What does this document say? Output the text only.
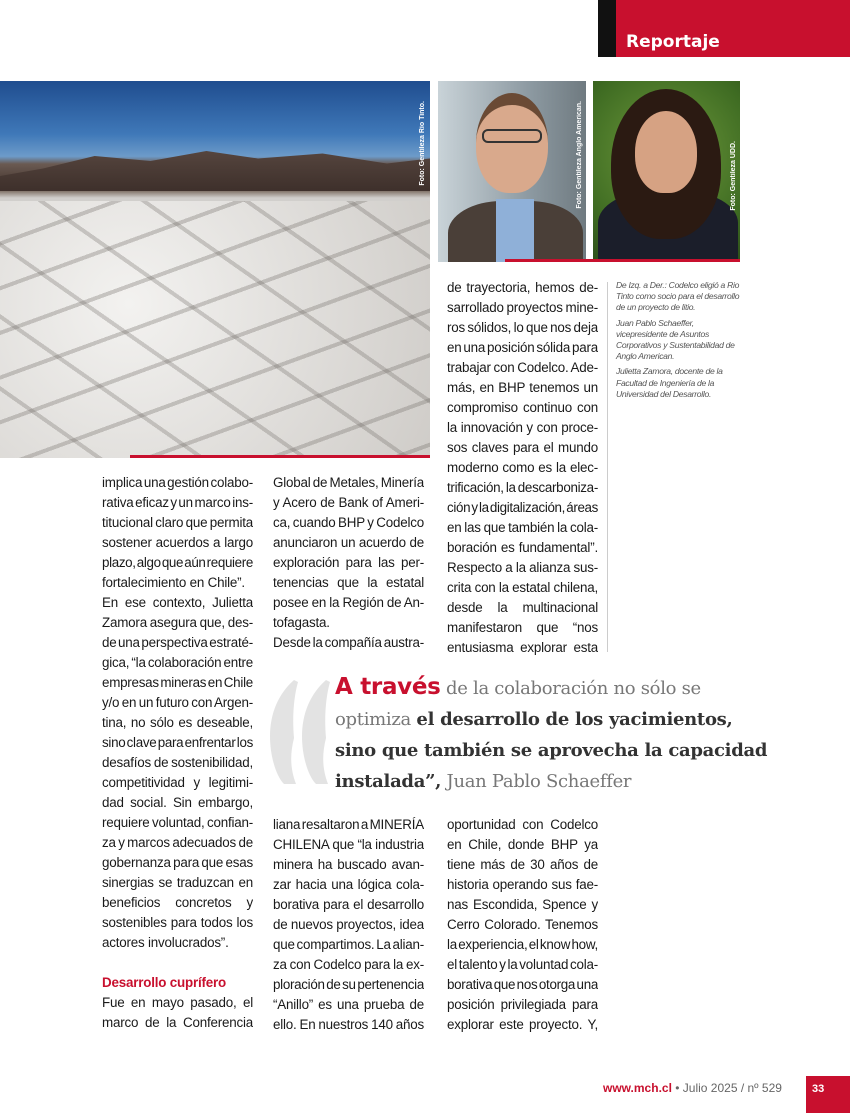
Reportaje
Foto: Gentileza Rio Tinto.	Foto: Gentileza Anglo American.	Foto: Gentileza UDD.

De Izq. a Der.: Codelco eligió a Rio Tinto como socio para el desarrollo de un proyecto de litio.

Juan Pablo Schaeffer, vicepresidente de Asuntos Corporativos y Sustentabilidad de Anglo American.

Julietta Zamora, docente de la Facultad de Ingeniería de la Universidad del Desarrollo.

implica una gestión colabo-
rativa eficaz y un marco ins-
titucional claro que permita
sostener acuerdos a largo
plazo, algo que aún requiere
fortalecimiento en Chile”.
En ese contexto, Julietta
Zamora asegura que, des-
de una perspectiva estraté-
gica, “la colaboración entre
empresas mineras en Chile
y/o en un futuro con Argen-
tina, no sólo es deseable,
sino clave para enfrentar los
desafíos de sostenibilidad,
competitividad y legitimi-
dad social. Sin embargo,
requiere voluntad, confian-
za y marcos adecuados de
gobernanza para que esas
sinergias se traduzcan en
beneficios concretos y
sostenibles para todos los
actores involucrados”.
Desarrollo cuprífero
Fue en mayo pasado, el
marco de la Conferencia
Global de Metales, Minería
y Acero de Bank of Ameri-
ca, cuando BHP y Codelco
anunciaron un acuerdo de
exploración para las per-
tenencias que la estatal
posee en la Región de An-
tofagasta.
Desde la compañía austra-
liana resaltaron a MINERÍA
CHILENA que “la industria
minera ha buscado avan-
zar hacia una lógica cola-
borativa para el desarrollo
de nuevos proyectos, idea
que compartimos. La alian-
za con Codelco para la ex-
ploración de su pertenencia
“Anillo” es una prueba de
ello. En nuestros 140 años
de trayectoria, hemos de-
sarrollado proyectos mine-
ros sólidos, lo que nos deja
en una posición sólida para
trabajar con Codelco. Ade-
más, en BHP tenemos un
compromiso continuo con
la innovación y con proce-
sos claves para el mundo
moderno como es la elec-
trificación, la descarboniza-
ción y la digitalización, áreas
en las que también la cola-
boración es fundamental”.
Respecto a la alianza sus-
crita con la estatal chilena,
desde la multinacional
manifestaron que “nos
entusiasma explorar esta
oportunidad con Codelco
en Chile, donde BHP ya
tiene más de 30 años de
historia operando sus fae-
nas Escondida, Spence y
Cerro Colorado. Tenemos
la experiencia, el know how,
el talento y la voluntad cola-
borativa que nos otorga una
posición privilegiada para
explorar este proyecto. Y,
A través de la colaboración no sólo se
optimiza el desarrollo de los yacimientos,
sino que también se aprovecha la capacidad
instalada”, Juan Pablo Schaeffer
www.mch.cl • Julio 2025 / nº 529	33
